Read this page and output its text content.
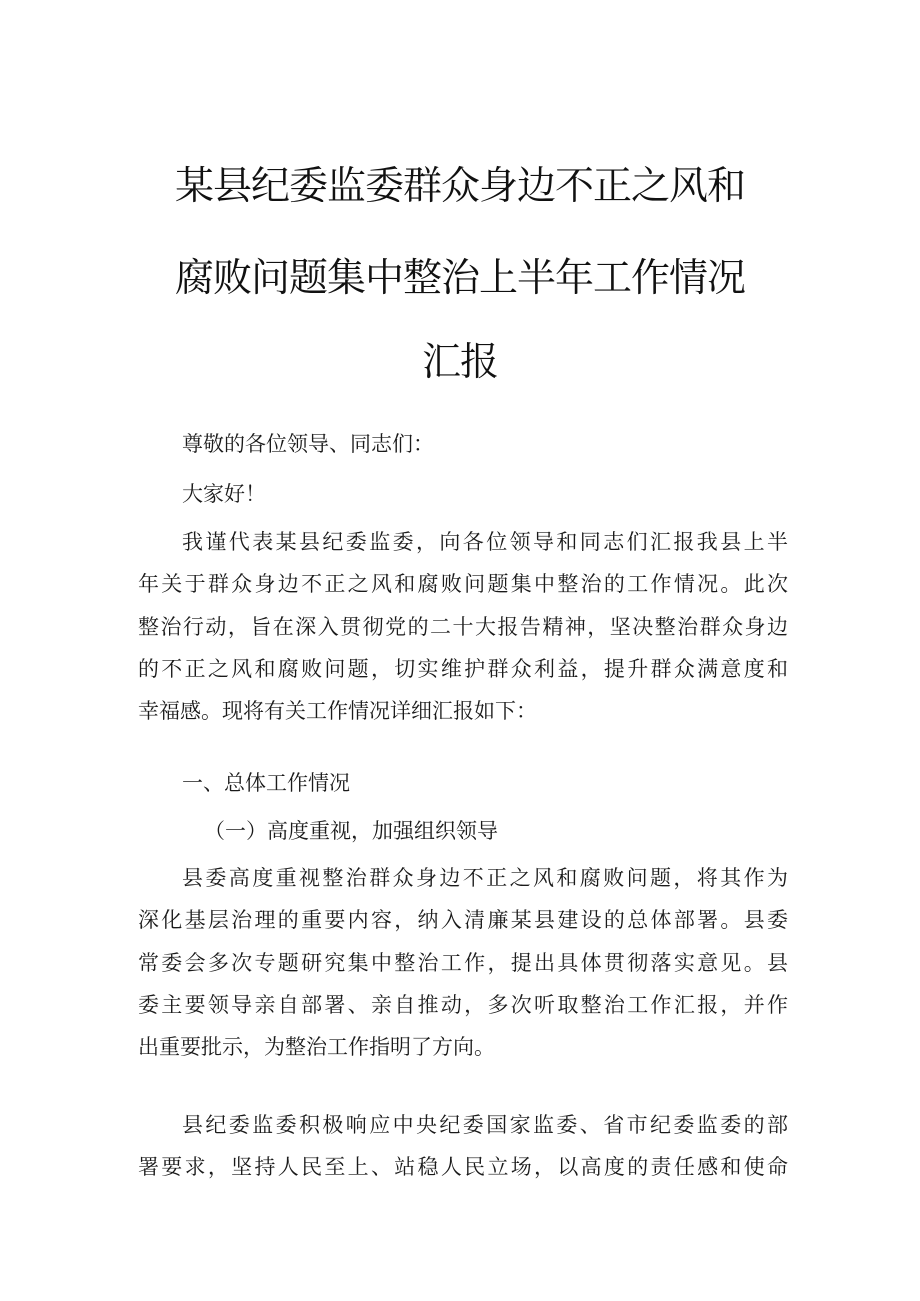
某县纪委监委群众身边不正之风和
腐败问题集中整治上半年工作情况
汇报
尊敬的各位领导、同志们：
大家好！
我谨代表某县纪委监委，向各位领导和同志们汇报我县上半
年关于群众身边不正之风和腐败问题集中整治的工作情况。此次
整治行动，旨在深入贯彻党的二十大报告精神，坚决整治群众身边
的不正之风和腐败问题，切实维护群众利益，提升群众满意度和
幸福感。现将有关工作情况详细汇报如下：
一、总体工作情况
（一）高度重视，加强组织领导
县委高度重视整治群众身边不正之风和腐败问题，将其作为
深化基层治理的重要内容，纳入清廉某县建设的总体部署。县委
常委会多次专题研究集中整治工作，提出具体贯彻落实意见。县
委主要领导亲自部署、亲自推动，多次听取整治工作汇报，并作
出重要批示，为整治工作指明了方向。
县纪委监委积极响应中央纪委国家监委、省市纪委监委的部
署要求，坚持人民至上、站稳人民立场，以高度的责任感和使命
